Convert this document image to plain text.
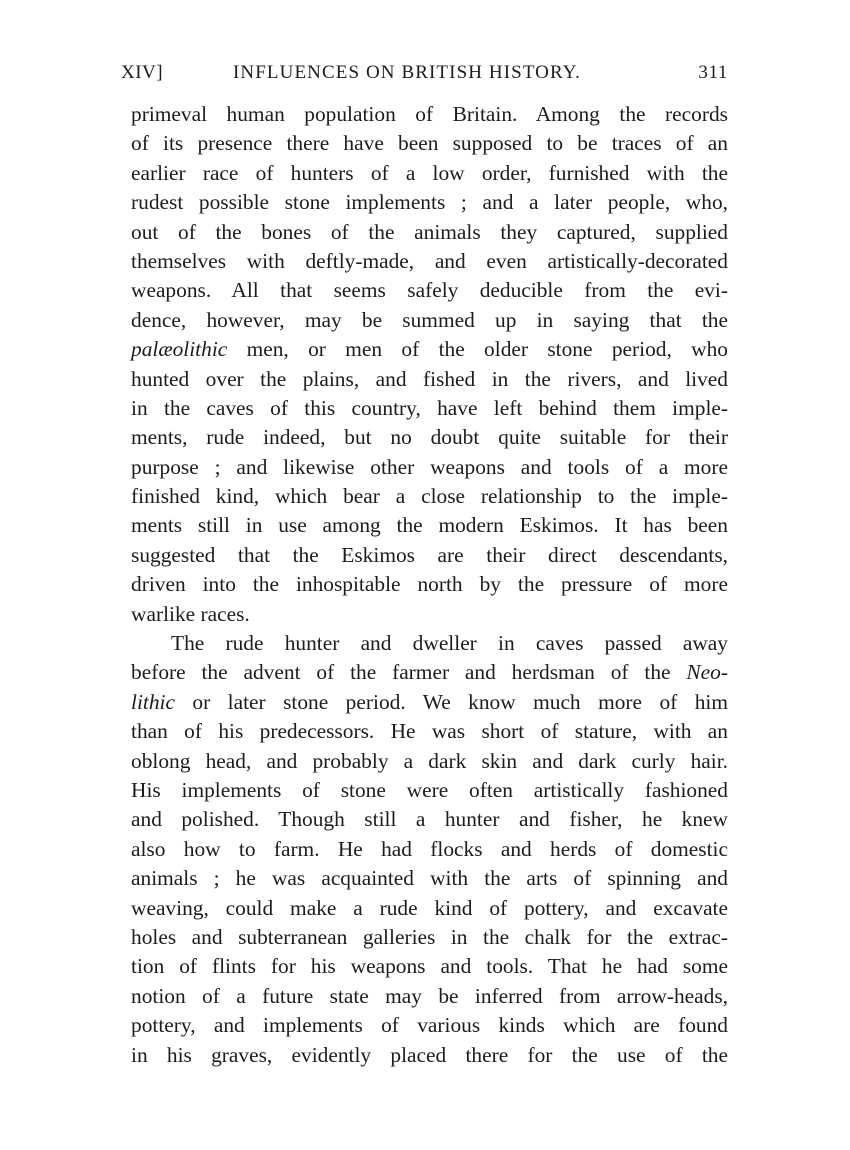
XIV]	INFLUENCES ON BRITISH HISTORY.	311
primeval human population of Britain. Among the records
of its presence there have been supposed to be traces of an
earlier race of hunters of a low order, furnished with the
rudest possible stone implements ; and a later people, who,
out of the bones of the animals they captured, supplied
themselves with deftly-made, and even artistically-decorated
weapons. All that seems safely deducible from the evi-
dence, however, may be summed up in saying that the
palæolithic men, or men of the older stone period, who
hunted over the plains, and fished in the rivers, and lived
in the caves of this country, have left behind them imple-
ments, rude indeed, but no doubt quite suitable for their
purpose ; and likewise other weapons and tools of a more
finished kind, which bear a close relationship to the imple-
ments still in use among the modern Eskimos. It has been
suggested that the Eskimos are their direct descendants,
driven into the inhospitable north by the pressure of more
warlike races.
The rude hunter and dweller in caves passed away
before the advent of the farmer and herdsman of the Neo-
lithic or later stone period. We know much more of him
than of his predecessors. He was short of stature, with an
oblong head, and probably a dark skin and dark curly hair.
His implements of stone were often artistically fashioned
and polished. Though still a hunter and fisher, he knew
also how to farm. He had flocks and herds of domestic
animals ; he was acquainted with the arts of spinning and
weaving, could make a rude kind of pottery, and excavate
holes and subterranean galleries in the chalk for the extrac-
tion of flints for his weapons and tools. That he had some
notion of a future state may be inferred from arrow-heads,
pottery, and implements of various kinds which are found
in his graves, evidently placed there for the use of the
